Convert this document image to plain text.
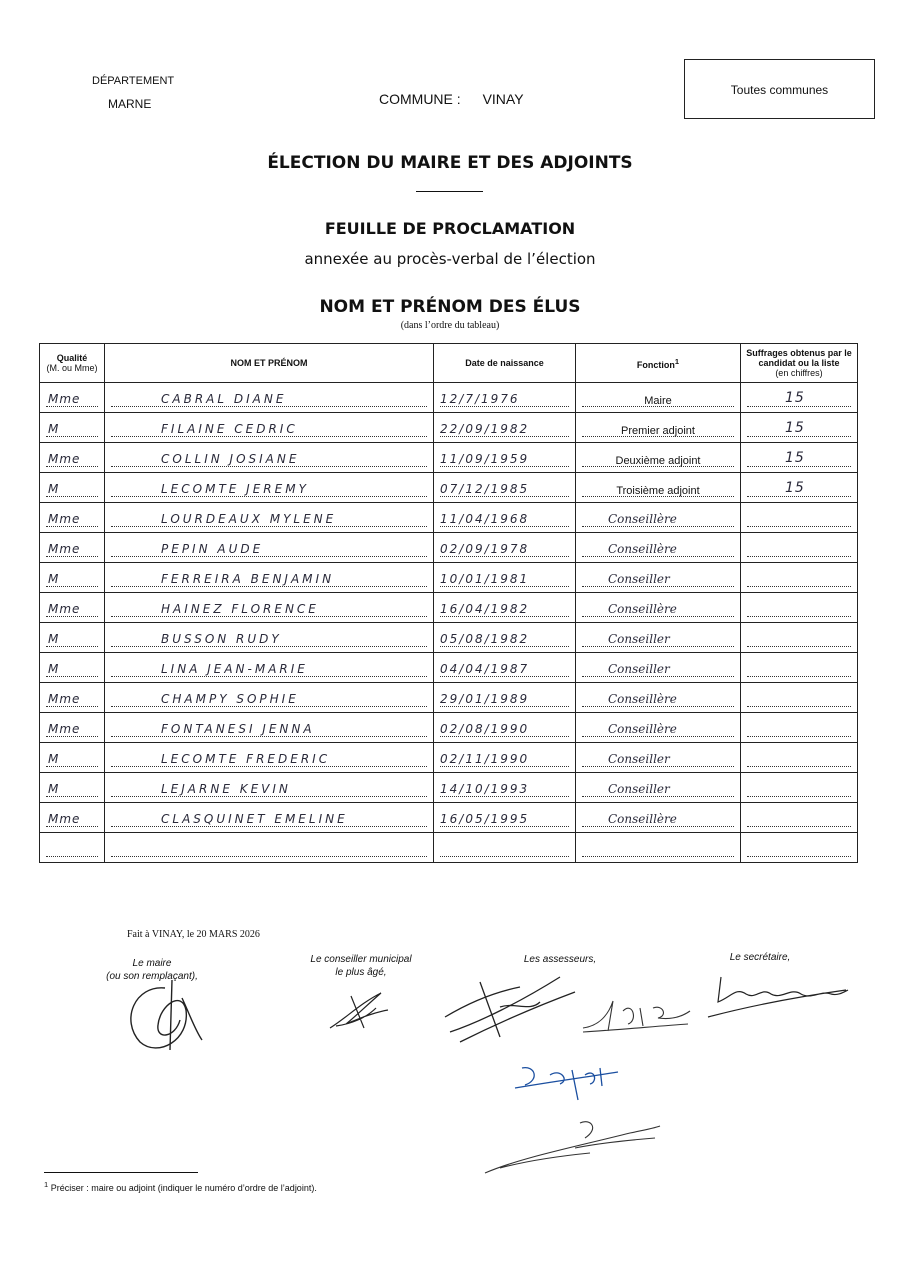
DÉPARTEMENT
MARNE	COMMUNE : VINAY
Toutes communes
ÉLECTION DU MAIRE ET DES ADJOINTS
FEUILLE DE PROCLAMATION
annexée au procès-verbal de l’élection
NOM ET PRÉNOM DES ÉLUS
(dans l’ordre du tableau)
Qualité
(M. ou Mme)	NOM ET PRÉNOM	Date de naissance	Fonction$^1$	Suffrages obtenus par le candidat ou la liste
(en chiffres)

Mme	CABRAL DIANE	12/7/1976	Maire	15

M	FILAINE CEDRIC	22/09/1982	Premier adjoint	15

Mme	COLLIN JOSIANE	11/09/1959	Deuxième adjoint	15

M	LECOMTE JEREMY	07/12/1985	Troisième adjoint	15

Mme	LOURDEAUX MYLENE	11/04/1968	Conseillère	

Mme	PEPIN AUDE	02/09/1978	Conseillère	

M	FERREIRA BENJAMIN	10/01/1981	Conseiller	

Mme	HAINEZ FLORENCE	16/04/1982	Conseillère	

M	BUSSON RUDY	05/08/1982	Conseiller	

M	LINA JEAN-MARIE	04/04/1987	Conseiller	

Mme	CHAMPY SOPHIE	29/01/1989	Conseillère	

Mme	FONTANESI JENNA	02/08/1990	Conseillère	

M	LECOMTE FREDERIC	02/11/1990	Conseiller	

M	LEJARNE KEVIN	14/10/1993	Conseiller	

Mme	CLASQUINET EMELINE	16/05/1995	Conseillère	

Fait à VINAY, le 20 MARS 2026
Le maire
(ou son remplaçant),
Le conseiller municipal
le plus âgé,
Les assesseurs,	Le secrétaire,
$^1$ Préciser : maire ou adjoint (indiquer le numéro d’ordre de l’adjoint).
